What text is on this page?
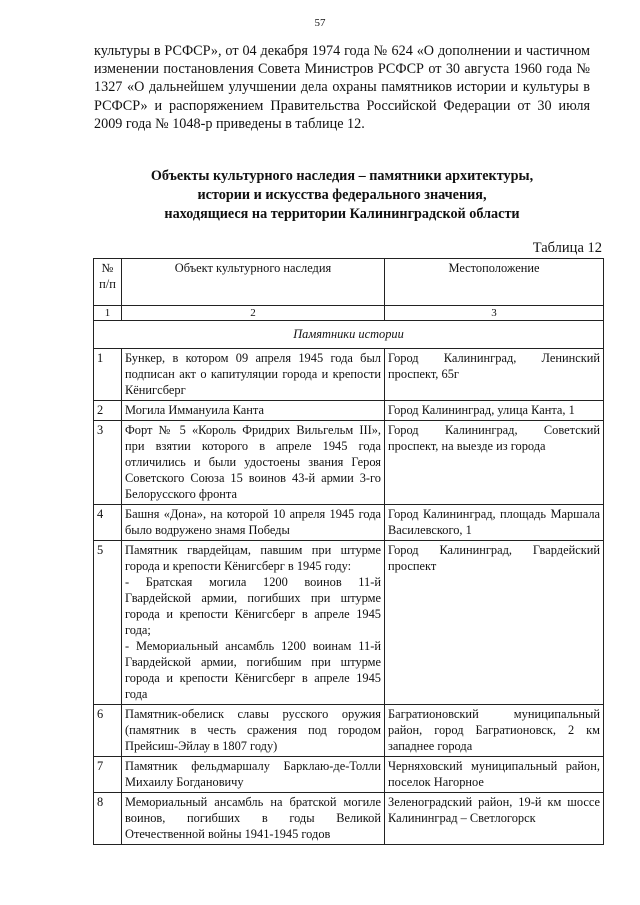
57
культуры в РСФСР», от 04 декабря 1974 года № 624 «О дополнении и частичном изменении постановления Совета Министров РСФСР от 30 августа 1960 года № 1327 «О дальнейшем улучшении дела охраны памятников истории и культуры в РСФСР» и распоряжением Правительства Российской Федерации от 30 июля 2009 года № 1048-р приведены в таблице 12.
Объекты культурного наследия – памятники архитектуры,
истории и искусства федерального значения,
находящиеся на территории Калининградской области
Таблица 12
№ п/п	Объект культурного наследия	Местоположение
1	2	3
Памятники истории		
1	Бункер, в котором 09 апреля 1945 года был подписан акт о капитуляции города и крепости Кёнигсберг	Город Калининград, Ленинский проспект, 65г
2	Могила Иммануила Канта	Город Калининград, улица Канта, 1
3	Форт № 5 «Король Фридрих Вильгельм III», при взятии которого в апреле 1945 года отличились и были удостоены звания Героя Советского Союза 15 воинов 43-й армии 3-го Белорусского фронта	Город Калининград, Советский проспект, на выезде из города
4	Башня «Дона», на которой 10 апреля 1945 года было водружено знамя Победы	Город Калининград, площадь Маршала Василевского, 1
5	Памятник гвардейцам, павшим при штурме города и крепости Кёнигсберг в 1945 году:
- Братская могила 1200 воинов 11-й Гвардейской армии, погибших при штурме города и крепости Кёнигсберг в апреле 1945 года;
- Мемориальный ансамбль 1200 воинам 11-й Гвардейской армии, погибшим при штурме города и крепости Кёнигсберг в апреле 1945 года	Город Калининград, Гвардейский проспект
6	Памятник-обелиск славы русского оружия (памятник в честь сражения под городом Прейсиш-Эйлау в 1807 году)	Багратионовский муниципальный район, город Багратионовск, 2 км западнее города
7	Памятник фельдмаршалу Барклаю-де-Толли Михаилу Богдановичу	Черняховский муниципальный район, поселок Нагорное
8	Мемориальный ансамбль на братской могиле воинов, погибших в годы Великой Отечественной войны 1941-1945 годов	Зеленоградский район, 19-й км шоссе Калининград – Светлогорск
